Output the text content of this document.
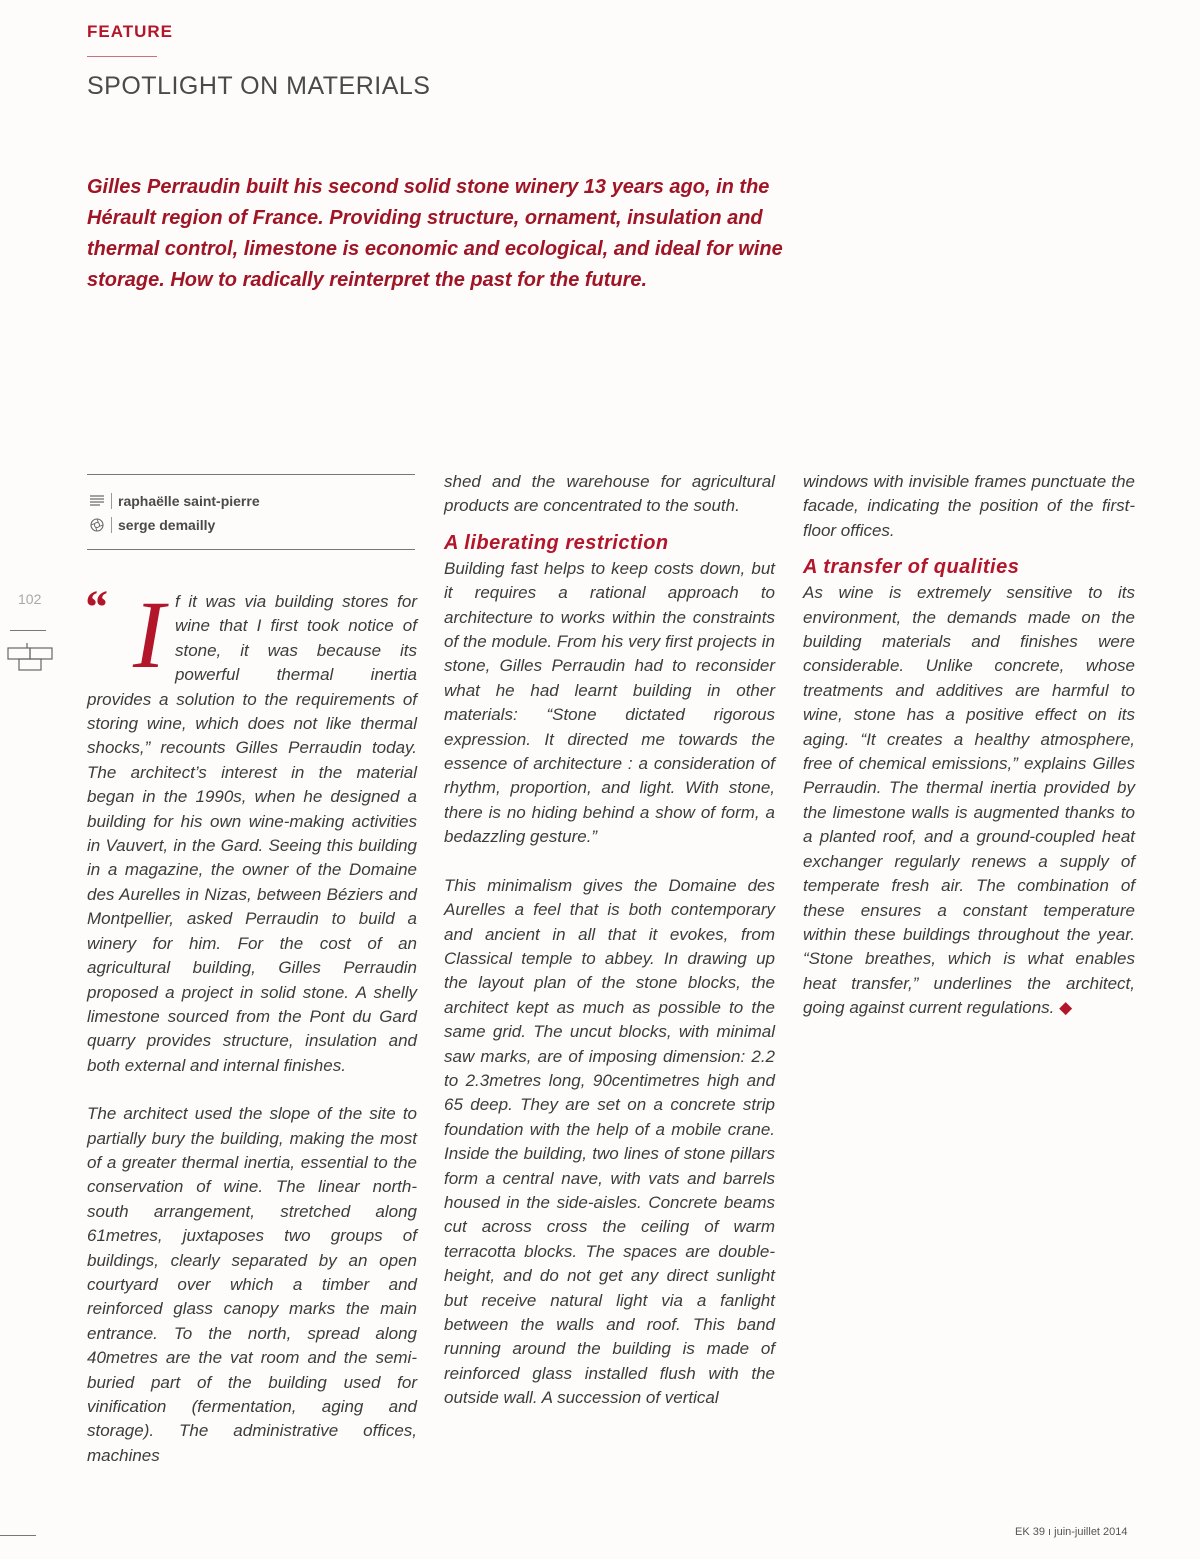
FEATURE
SPOTLIGHT ON MATERIALS
Gilles Perraudin built his second solid stone winery 13 years ago, in the Hérault region of France. Providing structure, ornament, insulation and thermal control, limestone is economic and ecological, and ideal for wine storage. How to radically reinterpret the past for the future.
raphaëlle saint-pierre
serge demailly
102 “ I f it was via building stores for wine that I first took notice of stone, it was because its powerful thermal inertia provides a solution to the requirements of storing wine, which does not like thermal shocks,” recounts Gilles Perraudin today. The architect’s interest in the material began in the 1990s, when he designed a building for his own wine-making activities in Vauvert, in the Gard. Seeing this building in a magazine, the owner of the Domaine des Aurelles in Nizas, between Béziers and Montpellier, asked Perraudin to build a winery for him. For the cost of an agricultural building, Gilles Perraudin proposed a project in solid stone. A shelly limestone sourced from the Pont du Gard quarry provides structure, insulation and both external and internal finishes.

The architect used the slope of the site to partially bury the building, making the most of a greater thermal inertia, essential to the conservation of wine. The linear north-south arrangement, stretched along 61metres, juxtaposes two groups of buildings, clearly separated by an open courtyard over which a timber and reinforced glass canopy marks the main entrance. To the north, spread along 40metres are the vat room and the semi-buried part of the building used for vinification (fermentation, aging and storage). The administrative offices, machines

shed and the warehouse for agricultural products are concentrated to the south.

A liberating restriction

Building fast helps to keep costs down, but it requires a rational approach to architecture to works within the constraints of the module. From his very first projects in stone, Gilles Perraudin had to reconsider what he had learnt building in other materials: “Stone dictated rigorous expression. It directed me towards the essence of architecture : a consideration of rhythm, proportion, and light. With stone, there is no hiding behind a show of form, a bedazzling gesture.”

This minimalism gives the Domaine des Aurelles a feel that is both contemporary and ancient in all that it evokes, from Classical temple to abbey. In drawing up the layout plan of the stone blocks, the architect kept as much as possible to the same grid. The uncut blocks, with minimal saw marks, are of imposing dimension: 2.2 to 2.3metres long, 90centimetres high and 65 deep. They are set on a concrete strip foundation with the help of a mobile crane. Inside the building, two lines of stone pillars form a central nave, with vats and barrels housed in the side-aisles. Concrete beams cut across cross the ceiling of warm terracotta blocks. The spaces are double-height, and do not get any direct sunlight but receive natural light via a fanlight between the walls and roof. This band running around the building is made of reinforced glass installed flush with the outside wall. A succession of vertical

windows with invisible frames punctuate the facade, indicating the position of the first-floor offices.

A transfer of qualities

As wine is extremely sensitive to its environment, the demands made on the building materials and finishes were considerable. Unlike concrete, whose treatments and additives are harmful to wine, stone has a positive effect on its aging. “It creates a healthy atmosphere, free of chemical emissions,” explains Gilles Perraudin. The thermal inertia provided by the limestone walls is augmented thanks to a planted roof, and a ground-coupled heat exchanger regularly renews a supply of temperate fresh air. The combination of these ensures a constant temperature within these buildings throughout the year. “Stone breathes, which is what enables heat transfer,” underlines the architect, going against current regulations. ◆

EK 39 ı juin-juillet 2014
